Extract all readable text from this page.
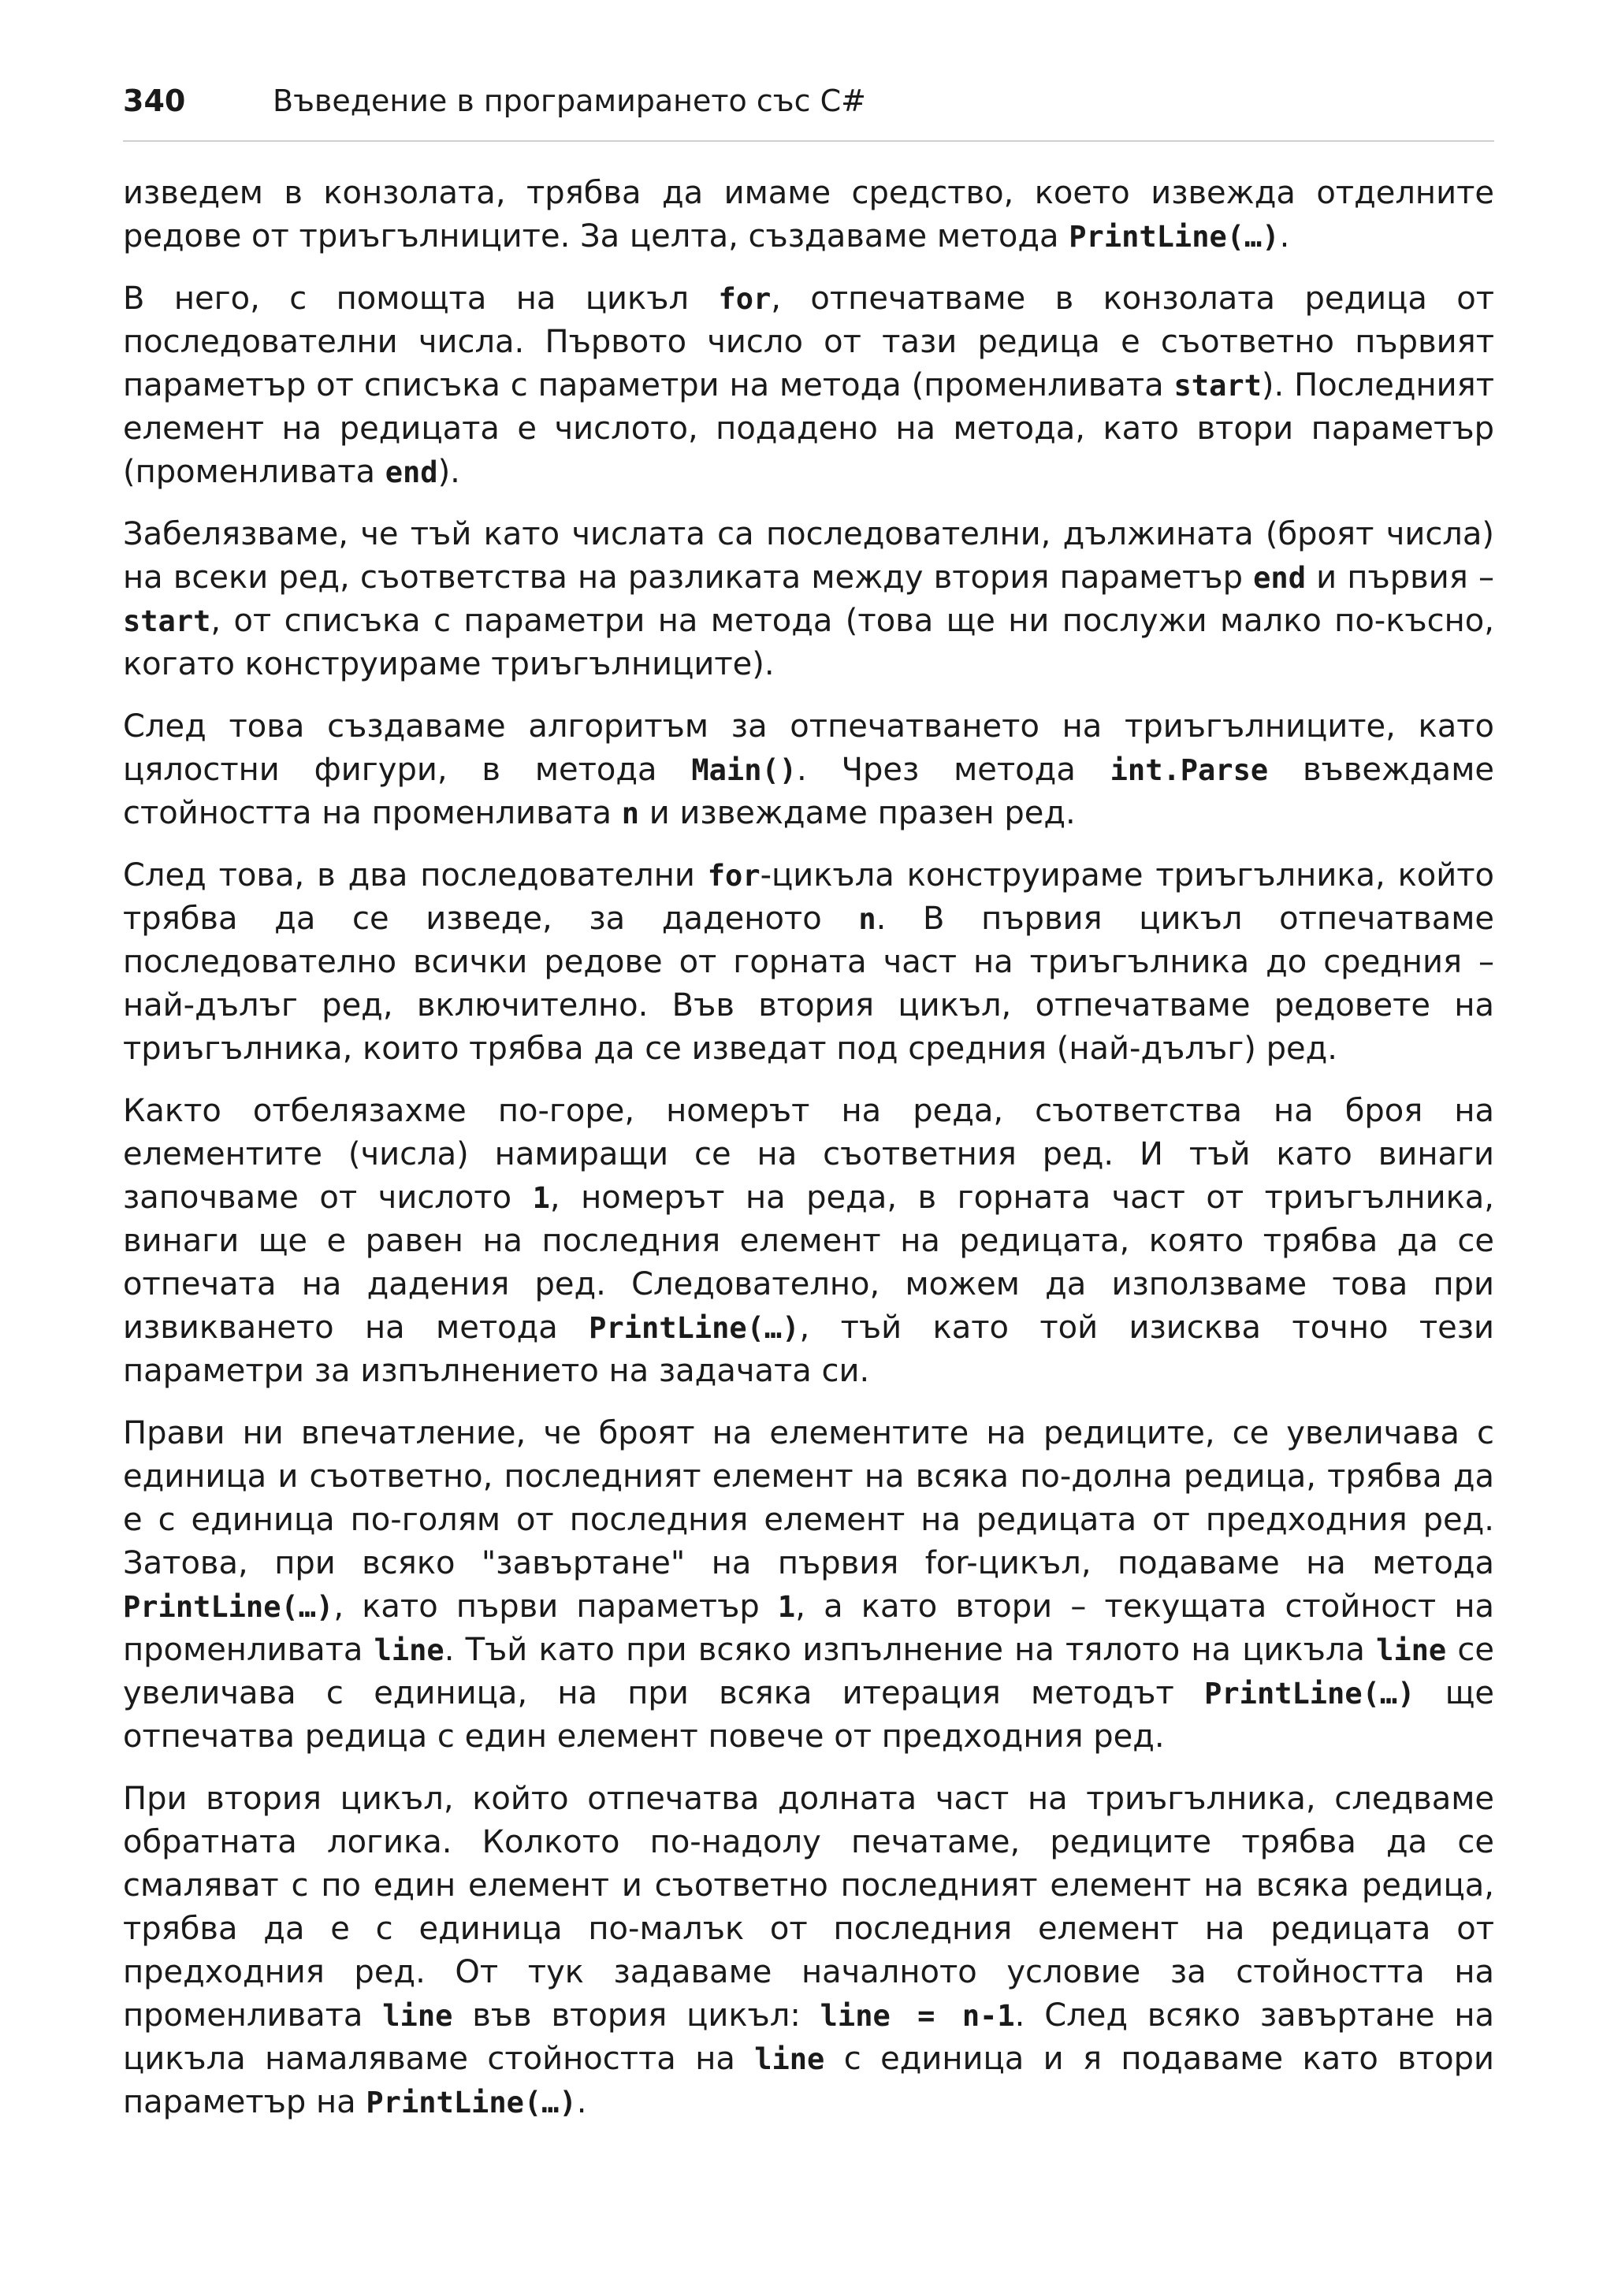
340	Въведение в програмирането със C#

изведем в конзолата, трябва да имаме средство, което извежда отделните редове от триъгълниците. За целта, създаваме метода PrintLine(…).

В него, с помощта на цикъл for, отпечатваме в конзолата редица от последователни числа. Първото число от тази редица е съответно първият параметър от списъка с параметри на метода (променливата start). Последният елемент на редицата е числото, подадено на метода, като втори параметър (променливата end).

Забелязваме, че тъй като числата са последователни, дължината (броят числа) на всеки ред, съответства на разликата между втория параметър end и първия – start, от списъка с параметри на метода (това ще ни послужи малко по-късно, когато конструираме триъгълниците).

След това създаваме алгоритъм за отпечатването на триъгълниците, като цялостни фигури, в метода Main(). Чрез метода int.Parse въвеждаме стойността на променливата n и извеждаме празен ред.

След това, в два последователни for-цикъла конструираме триъгълника, който трябва да се изведе, за даденото n. В първия цикъл отпечатваме последователно всички редове от горната част на триъгълника до средния – най-дълъг ред, включително. Във втория цикъл, отпечатваме редовете на триъгълника, които трябва да се изведат под средния (най-дълъг) ред.

Както отбелязахме по-горе, номерът на реда, съответства на броя на елементите (числа) намиращи се на съответния ред. И тъй като винаги започваме от числото 1, номерът на реда, в горната част от триъгълника, винаги ще е равен на последния елемент на редицата, която трябва да се отпечата на дадения ред. Следователно, можем да използваме това при извикването на метода PrintLine(…), тъй като той изисква точно тези параметри за изпълнението на задачата си.

Прави ни впечатление, че броят на елементите на редиците, се увеличава с единица и съответно, последният елемент на всяка по-долна редица, трябва да е с единица по-голям от последния елемент на редицата от предходния ред. Затова, при всяко "завъртане" на първия for-цикъл, подаваме на метода PrintLine(…), като първи параметър 1, а като втори – текущата стойност на променливата line. Тъй като при всяко изпълнение на тялото на цикъла line се увеличава с единица, на при всяка итерация методът PrintLine(…) ще отпечатва редица с един елемент повече от предходния ред.

При втория цикъл, който отпечатва долната част на триъгълника, следваме обратната логика. Колкото по-надолу печатаме, редиците трябва да се смаляват с по един елемент и съответно последният елемент на всяка редица, трябва да е с единица по-малък от последния елемент на редицата от предходния ред. От тук задаваме началното условие за стойността на променливата line във втория цикъл: line = n-1. След всяко завъртане на цикъла намаляваме стойността на line с единица и я подаваме като втори параметър на PrintLine(…).
